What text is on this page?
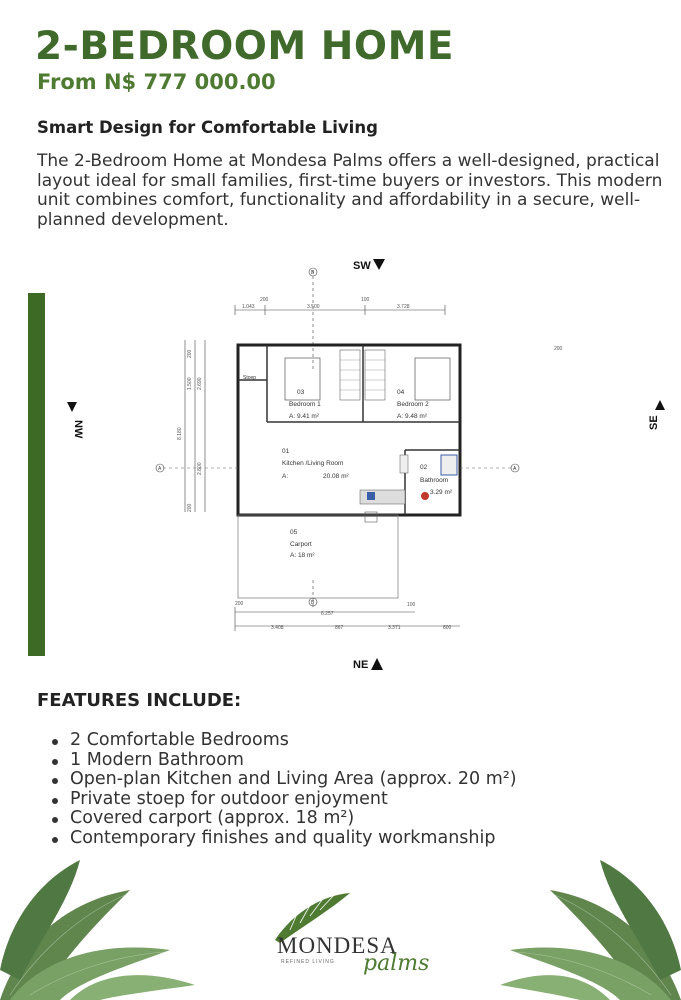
2-BEDROOM HOME

From N$ 777 000.00

Smart Design for Comfortable Living

The 2-Bedroom Home at Mondesa Palms offers a well-designed, practical layout ideal for small families, first-time buyers or investors. This modern unit combines comfort, functionality and affordability in a secure, well-planned development.

SW
NE
NW	SE
200
1.043	3.500
100
3.728
B
200
1.500 2.690
2.800
8.180
200
200
A	A
03
Bedroom 1
A: 9.41 m²
04
Bedroom 2
A: 9.48 m²
01
Kitchen /Living Room
A:	20.08 m²
02
Bathroom
3.29 m²
05
Carport
A: 18 m²
Stoep
B
200
6.257
100
3.408	867	3.371	800
FEATURES INCLUDE:
2 Comfortable Bedrooms
1 Modern Bathroom
Open-plan Kitchen and Living Area (approx. 20 m²)
Private stoep for outdoor enjoyment
Covered carport (approx. 18 m²)
Contemporary finishes and quality workmanship
MONDESA
palms
REFINED LIVING
